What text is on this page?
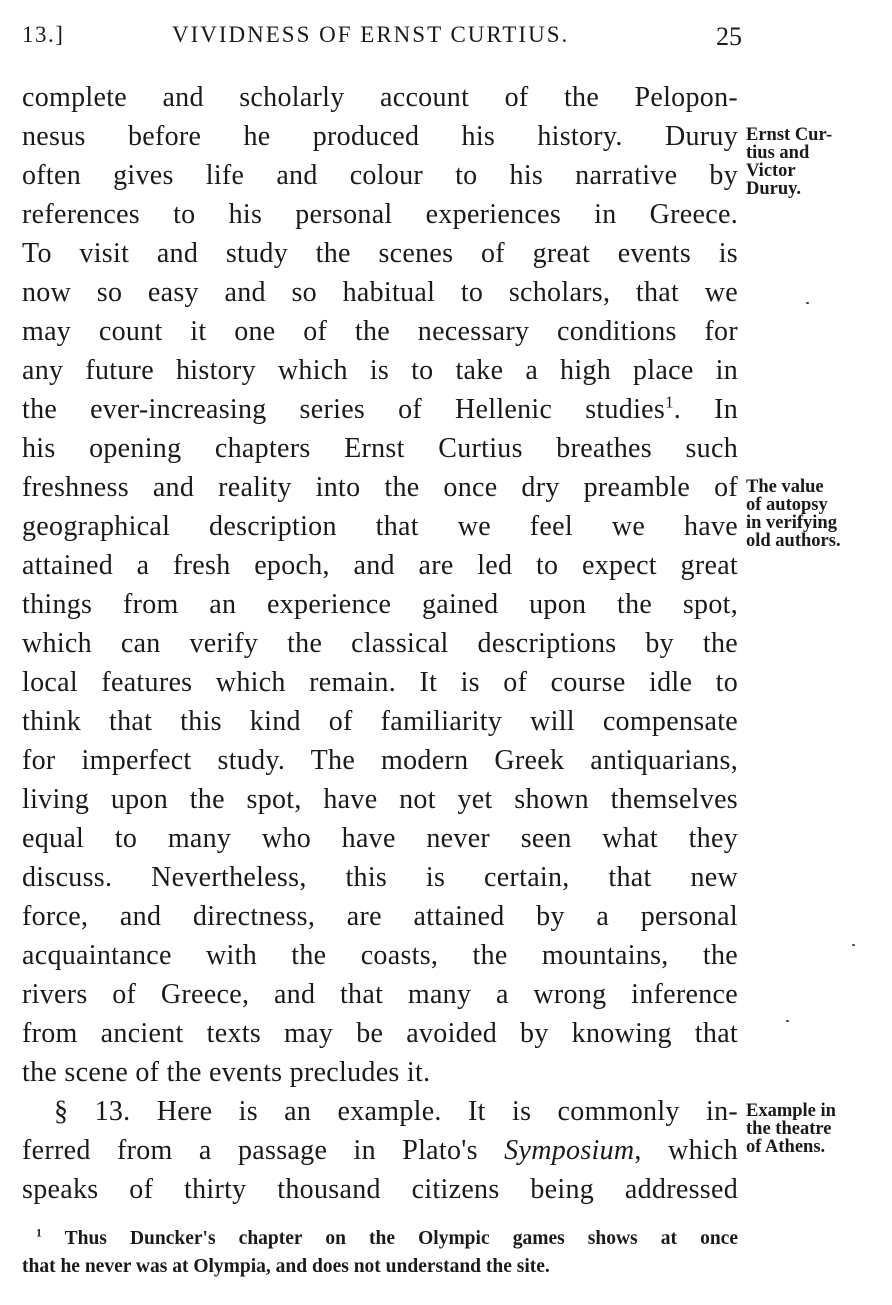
13.]	VIVIDNESS OF ERNST CURTIUS.	25
complete and scholarly account of the Pelopon-
nesus before he produced his history. Duruy
often gives life and colour to his narrative by
references to his personal experiences in Greece.
To visit and study the scenes of great events is
now so easy and so habitual to scholars, that we
may count it one of the necessary conditions for
any future history which is to take a high place in
the ever-increasing series of Hellenic studies$^1$. In
his opening chapters Ernst Curtius breathes such
freshness and reality into the once dry preamble of
geographical description that we feel we have
attained a fresh epoch, and are led to expect great
things from an experience gained upon the spot,
which can verify the classical descriptions by the
local features which remain. It is of course idle to
think that this kind of familiarity will compensate
for imperfect study. The modern Greek antiquarians,
living upon the spot, have not yet shown themselves
equal to many who have never seen what they
discuss. Nevertheless, this is certain, that new
force, and directness, are attained by a personal
acquaintance with the coasts, the mountains, the
rivers of Greece, and that many a wrong inference
from ancient texts may be avoided by knowing that
the scene of the events precludes it.
§ 13. Here is an example. It is commonly in-
ferred from a passage in Plato's Symposium, which
speaks of thirty thousand citizens being addressed
Ernst Cur-
tius and
Victor
Duruy.
The value
of autopsy
in verifying
old authors.
Example in
the theatre
of Athens.
$^1$ Thus Duncker's chapter on the Olympic games shows at once
that he never was at Olympia, and does not understand the site.
